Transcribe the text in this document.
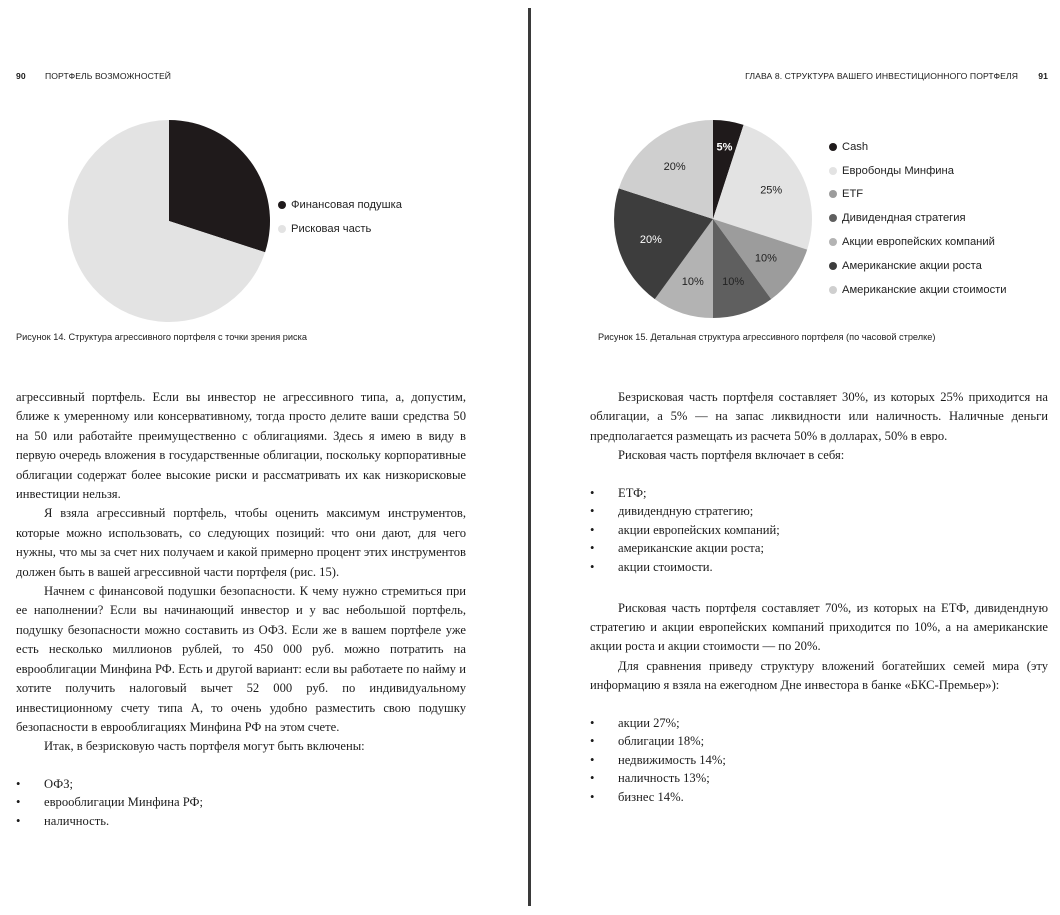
90 ПОРТФЕЛЬ ВОЗМОЖНОСТЕЙ
Финансовая подушка
Рисковая часть
Рисунок 14. Структура агрессивного портфеля с точки зрения риска

агрессивный портфель. Если вы инвестор не агрессивного типа, а, допустим, ближе к умеренному или консервативному, тогда просто делите ваши средства 50 на 50 или работайте преимущественно с облигациями. Здесь я имею в виду в первую очередь вложения в государственные облигации, поскольку корпоративные облигации содержат более высокие риски и рассматривать их как низкорисковые инвестиции нельзя.

Я взяла агрессивный портфель, чтобы оценить максимум инструментов, которые можно использовать, со следующих позиций: что они дают, для чего нужны, что мы за счет них получаем и какой примерно процент этих инструментов должен быть в вашей агрессивной части портфеля (рис. 15).

Начнем с финансовой подушки безопасности. К чему нужно стремиться при ее наполнении? Если вы начинающий инвестор и у вас небольшой портфель, подушку безопасности можно составить из ОФЗ. Если же в вашем портфеле уже есть несколько миллионов рублей, то 450 000 руб. можно потратить на еврооблигации Минфина РФ. Есть и другой вариант: если вы работаете по найму и хотите получить налоговый вычет 52 000 руб. по индивидуальному инвестиционному счету типа А, то очень удобно разместить свою подушку безопасности в еврооблигациях Минфина РФ на этом счете.

Итак, в безрисковую часть портфеля могут быть включены:

• ОФЗ;
• еврооблигации Минфина РФ;
• наличность.
ГЛАВА 8. СТРУКТУРА ВАШЕГО ИНВЕСТИЦИОННОГО ПОРТФЕЛЯ 91
5%
25%
10%
10%
10%
20%
20%
Cash
Евробонды Минфина
ETF
Дивидендная стратегия
Акции европейских компаний
Американские акции роста
Американские акции стоимости
Рисунок 15. Детальная структура агрессивного портфеля (по часовой стрелке)

Безрисковая часть портфеля составляет 30%, из которых 25% приходится на облигации, а 5% — на запас ликвидности или наличность. Наличные деньги предполагается размещать из расчета 50% в долларах, 50% в евро.

Рисковая часть портфеля включает в себя:

• ЕТФ;
• дивидендную стратегию;
• акции европейских компаний;
• американские акции роста;
• акции стоимости.

Рисковая часть портфеля составляет 70%, из которых на ЕТФ, дивидендную стратегию и акции европейских компаний приходится по 10%, а на американские акции роста и акции стоимости — по 20%.

Для сравнения приведу структуру вложений богатейших семей мира (эту информацию я взяла на ежегодном Дне инвестора в банке «БКС-Премьер»):

• акции 27%;
• облигации 18%;
• недвижимость 14%;
• наличность 13%;
• бизнес 14%.
